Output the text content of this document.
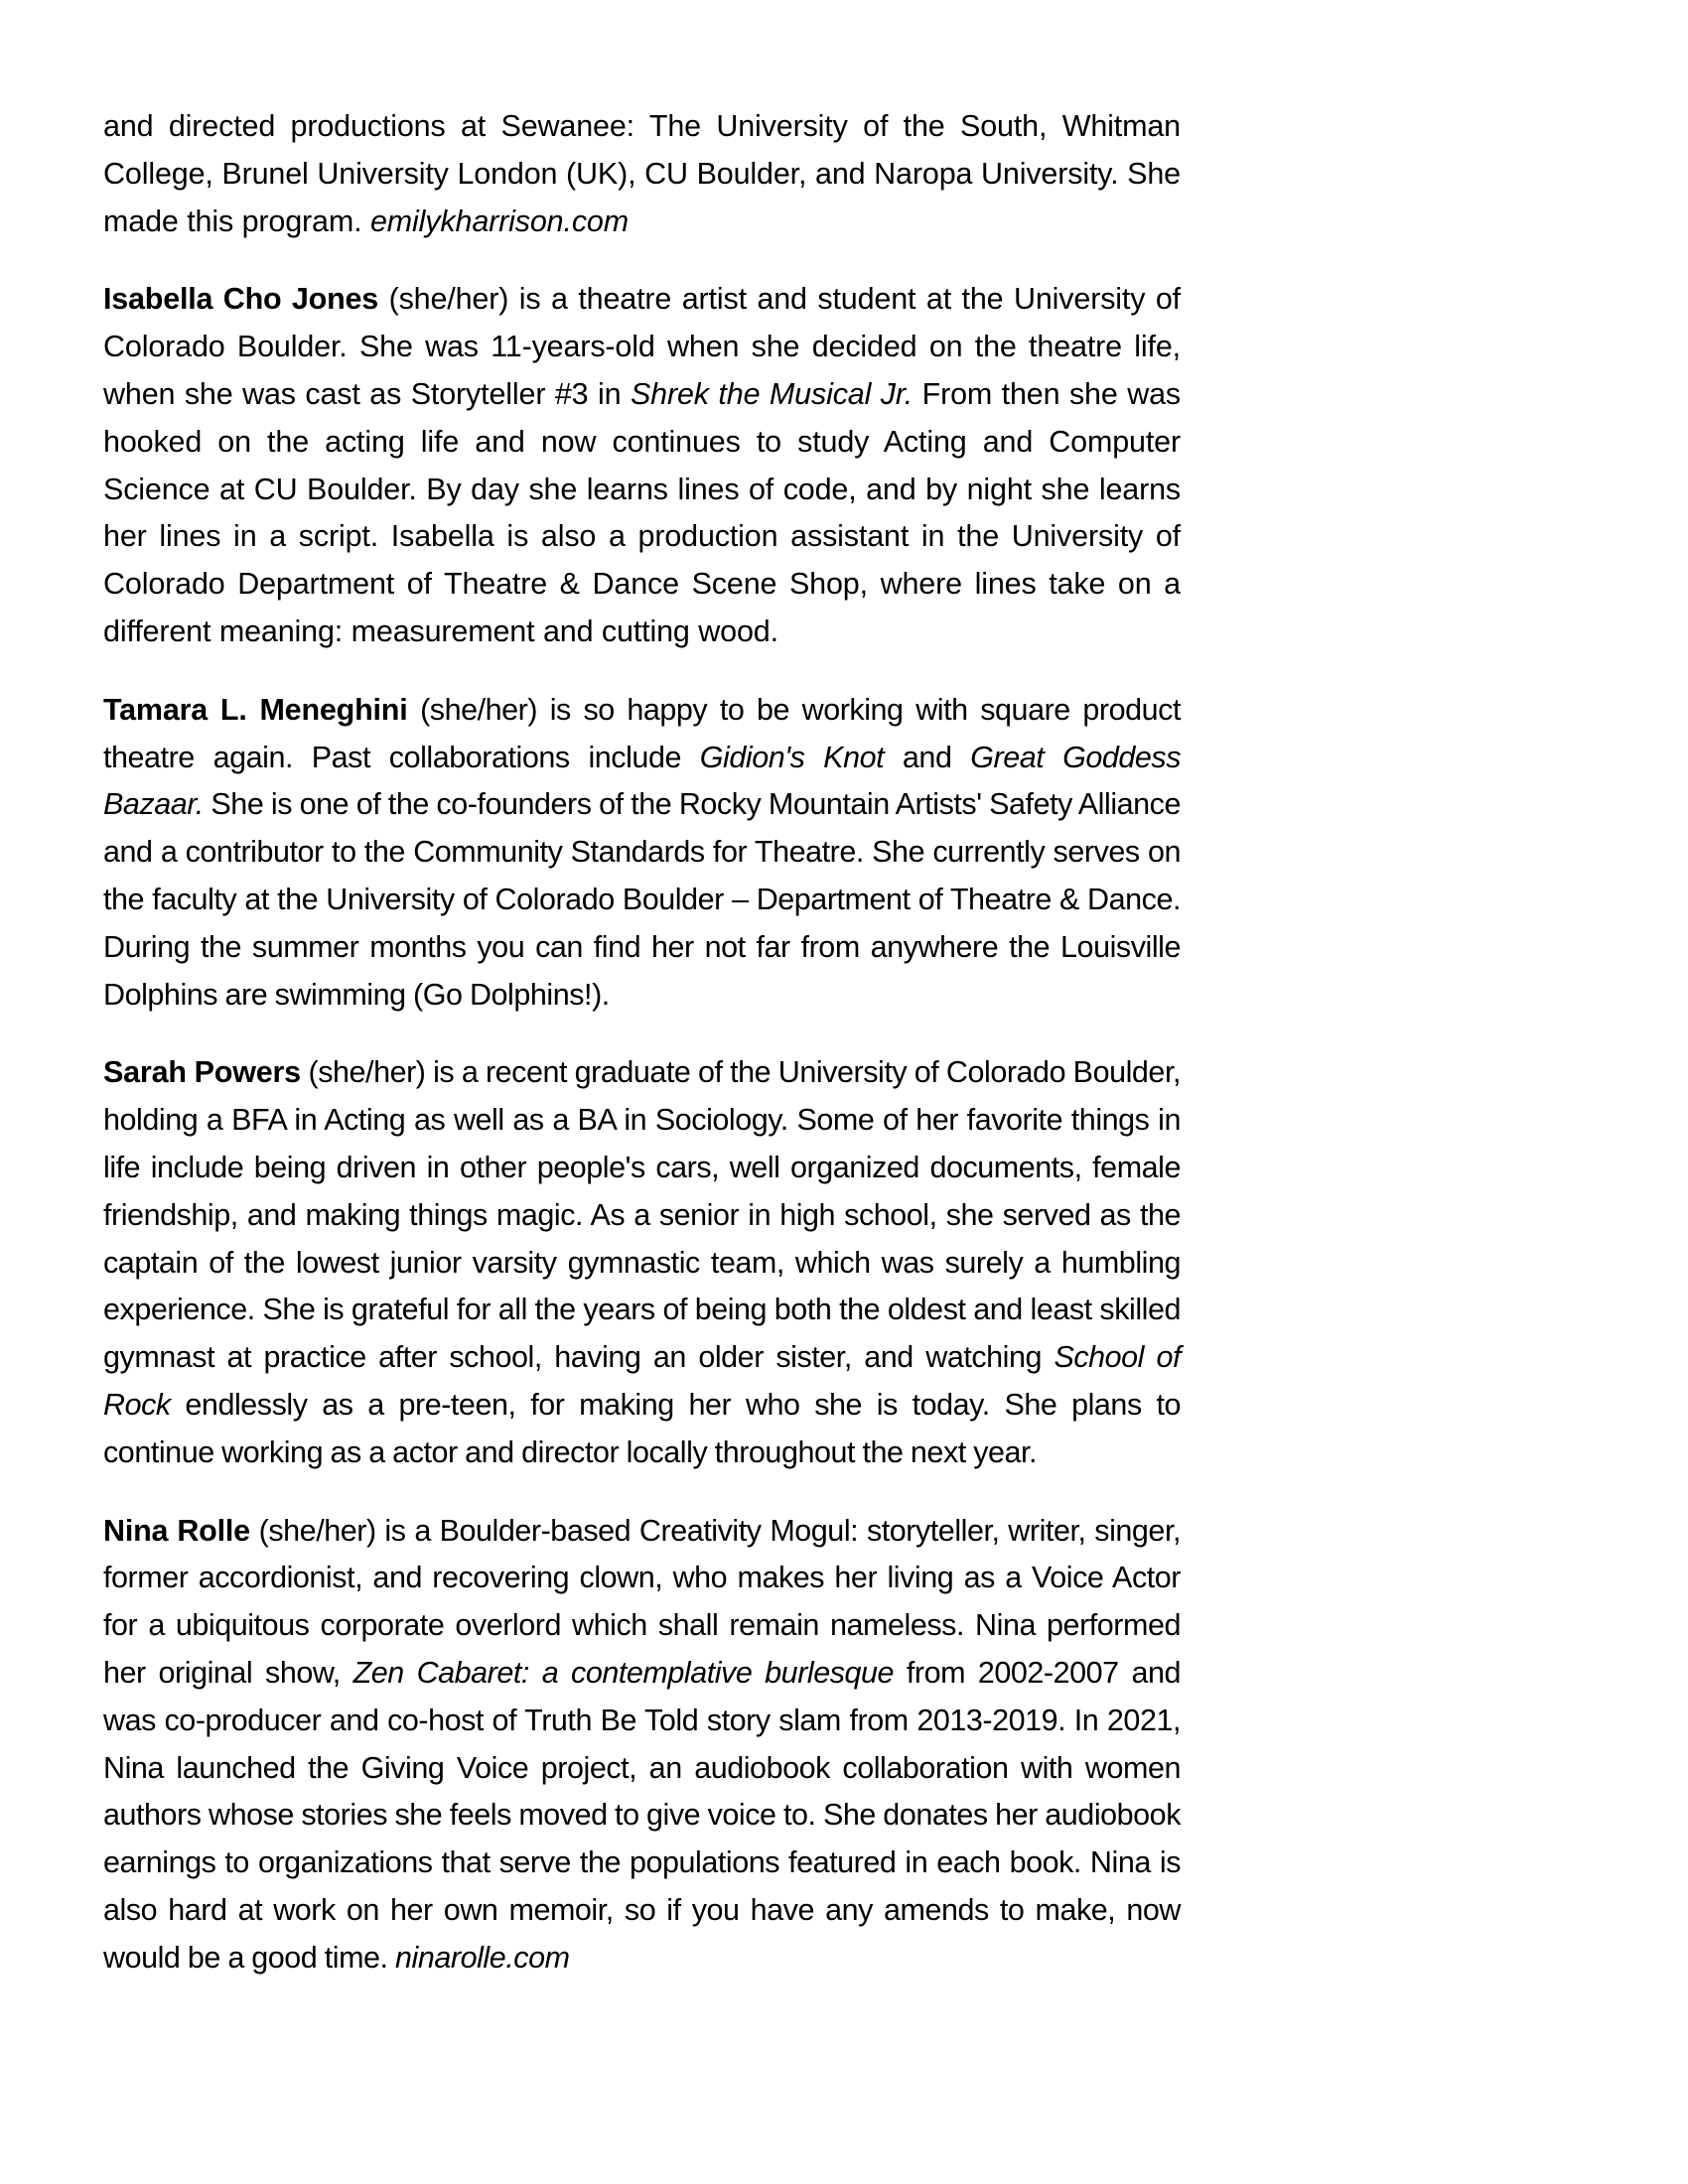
and directed productions at Sewanee: The University of the South, Whitman College, Brunel University London (UK), CU Boulder, and Naropa University. She made this program. emilykharrison.com

Isabella Cho Jones (she/her) is a theatre artist and student at the University of Colorado Boulder. She was 11-years-old when she decided on the theatre life, when she was cast as Storyteller #3 in Shrek the Musical Jr. From then she was hooked on the acting life and now continues to study Acting and Computer Science at CU Boulder. By day she learns lines of code, and by night she learns her lines in a script. Isabella is also a production assistant in the University of Colorado Department of Theatre & Dance Scene Shop, where lines take on a different meaning: measurement and cutting wood.

Tamara L. Meneghini (she/her) is so happy to be working with square product theatre again. Past collaborations include Gidion's Knot and Great Goddess Bazaar. She is one of the co-founders of the Rocky Mountain Artists' Safety Alliance and a contributor to the Community Standards for Theatre. She currently serves on the faculty at the University of Colorado Boulder – Department of Theatre & Dance. During the summer months you can find her not far from anywhere the Louisville Dolphins are swimming (Go Dolphins!).

Sarah Powers (she/her) is a recent graduate of the University of Colorado Boulder, holding a BFA in Acting as well as a BA in Sociology. Some of her favorite things in life include being driven in other people's cars, well organized documents, female friendship, and making things magic. As a senior in high school, she served as the captain of the lowest junior varsity gymnastic team, which was surely a humbling experience. She is grateful for all the years of being both the oldest and least skilled gymnast at practice after school, having an older sister, and watching School of Rock endlessly as a pre-teen, for making her who she is today. She plans to continue working as a actor and director locally throughout the next year.

Nina Rolle (she/her) is a Boulder-based Creativity Mogul: storyteller, writer, singer, former accordionist, and recovering clown, who makes her living as a Voice Actor for a ubiquitous corporate overlord which shall remain nameless. Nina performed her original show, Zen Cabaret: a contemplative burlesque from 2002-2007 and was co-producer and co-host of Truth Be Told story slam from 2013-2019. In 2021, Nina launched the Giving Voice project, an audiobook collaboration with women authors whose stories she feels moved to give voice to. She donates her audiobook earnings to organizations that serve the populations featured in each book. Nina is also hard at work on her own memoir, so if you have any amends to make, now would be a good time. ninarolle.com
